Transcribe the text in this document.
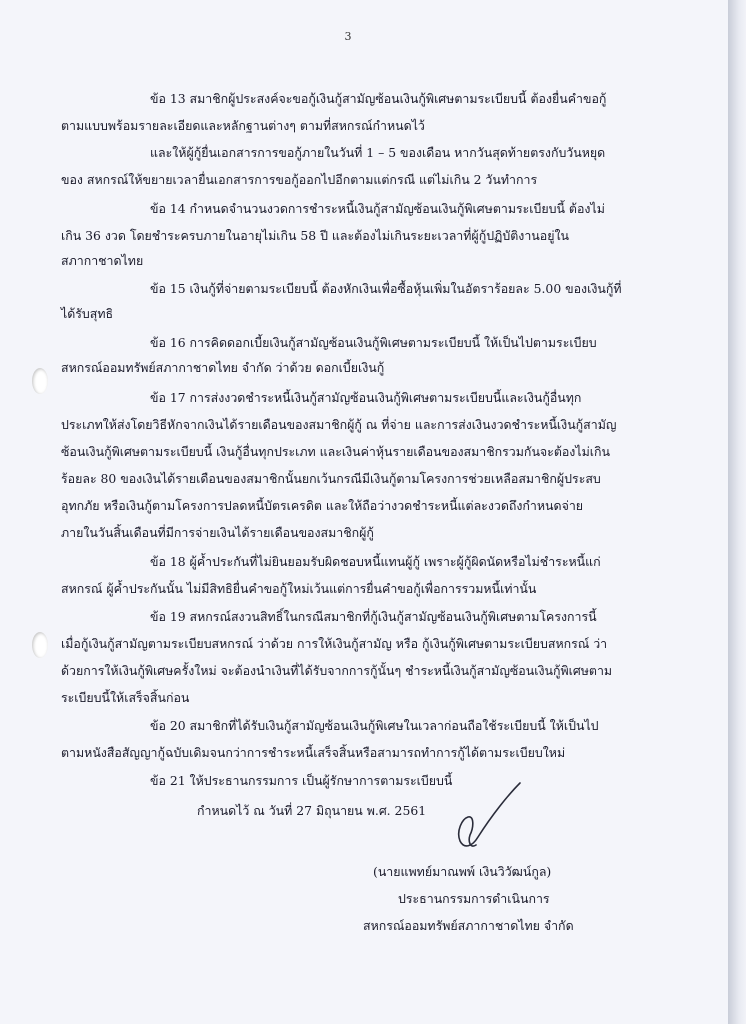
3
ข้อ 13 สมาชิกผู้ประสงค์จะขอกู้เงินกู้สามัญซ้อนเงินกู้พิเศษตามระเบียบนี้ ต้องยื่นคำขอกู้
ตามแบบพร้อมรายละเอียดและหลักฐานต่างๆ ตามที่สหกรณ์กำหนดไว้
และให้ผู้กู้ยื่นเอกสารการขอกู้ภายในวันที่ 1 – 5 ของเดือน หากวันสุดท้ายตรงกับวันหยุด
ของ สหกรณ์ให้ขยายเวลายื่นเอกสารการขอกู้ออกไปอีกตามแต่กรณี แต่ไม่เกิน 2 วันทำการ
ข้อ 14 กำหนดจำนวนงวดการชำระหนี้เงินกู้สามัญซ้อนเงินกู้พิเศษตามระเบียบนี้ ต้องไม่
เกิน 36 งวด โดยชำระครบภายในอายุไม่เกิน 58 ปี และต้องไม่เกินระยะเวลาที่ผู้กู้ปฏิบัติงานอยู่ใน
สภากาชาดไทย
ข้อ 15 เงินกู้ที่จ่ายตามระเบียบนี้ ต้องหักเงินเพื่อซื้อหุ้นเพิ่มในอัตราร้อยละ 5.00 ของเงินกู้ที่
ได้รับสุทธิ
ข้อ 16 การคิดดอกเบี้ยเงินกู้สามัญซ้อนเงินกู้พิเศษตามระเบียบนี้ ให้เป็นไปตามระเบียบ
สหกรณ์ออมทรัพย์สภากาชาดไทย จำกัด ว่าด้วย ดอกเบี้ยเงินกู้
ข้อ 17 การส่งงวดชำระหนี้เงินกู้สามัญซ้อนเงินกู้พิเศษตามระเบียบนี้และเงินกู้อื่นทุก
ประเภทให้ส่งโดยวิธีหักจากเงินได้รายเดือนของสมาชิกผู้กู้ ณ ที่จ่าย และการส่งเงินงวดชำระหนี้เงินกู้สามัญ
ซ้อนเงินกู้พิเศษตามระเบียบนี้ เงินกู้อื่นทุกประเภท และเงินค่าหุ้นรายเดือนของสมาชิกรวมกันจะต้องไม่เกิน
ร้อยละ 80 ของเงินได้รายเดือนของสมาชิกนั้นยกเว้นกรณีมีเงินกู้ตามโครงการช่วยเหลือสมาชิกผู้ประสบ
อุทกภัย หรือเงินกู้ตามโครงการปลดหนี้บัตรเครดิต และให้ถือว่างวดชำระหนี้แต่ละงวดถึงกำหนดจ่าย
ภายในวันสิ้นเดือนที่มีการจ่ายเงินได้รายเดือนของสมาชิกผู้กู้
ข้อ 18 ผู้ค้ำประกันที่ไม่ยินยอมรับผิดชอบหนี้แทนผู้กู้ เพราะผู้กู้ผิดนัดหรือไม่ชำระหนี้แก่
สหกรณ์ ผู้ค้ำประกันนั้น ไม่มีสิทธิยื่นคำขอกู้ใหม่เว้นแต่การยื่นคำขอกู้เพื่อการรวมหนี้เท่านั้น
ข้อ 19 สหกรณ์สงวนสิทธิ์ในกรณีสมาชิกที่กู้เงินกู้สามัญซ้อนเงินกู้พิเศษตามโครงการนี้
เมื่อกู้เงินกู้สามัญตามระเบียบสหกรณ์ ว่าด้วย การให้เงินกู้สามัญ หรือ กู้เงินกู้พิเศษตามระเบียบสหกรณ์ ว่า
ด้วยการให้เงินกู้พิเศษครั้งใหม่ จะต้องนำเงินที่ได้รับจากการกู้นั้นๆ ชำระหนี้เงินกู้สามัญซ้อนเงินกู้พิเศษตาม
ระเบียบนี้ให้เสร็จสิ้นก่อน
ข้อ 20 สมาชิกที่ได้รับเงินกู้สามัญซ้อนเงินกู้พิเศษในเวลาก่อนถือใช้ระเบียบนี้ ให้เป็นไป
ตามหนังสือสัญญากู้ฉบับเดิมจนกว่าการชำระหนี้เสร็จสิ้นหรือสามารถทำการกู้ได้ตามระเบียบใหม่
ข้อ 21 ให้ประธานกรรมการ เป็นผู้รักษาการตามระเบียบนี้
กำหนดไว้ ณ วันที่ 27 มิถุนายน พ.ศ. 2561
(นายแพทย์มาณพพ์ เงินวิวัฒน์กูล)
ประธานกรรมการดำเนินการ
สหกรณ์ออมทรัพย์สภากาชาดไทย จำกัด
